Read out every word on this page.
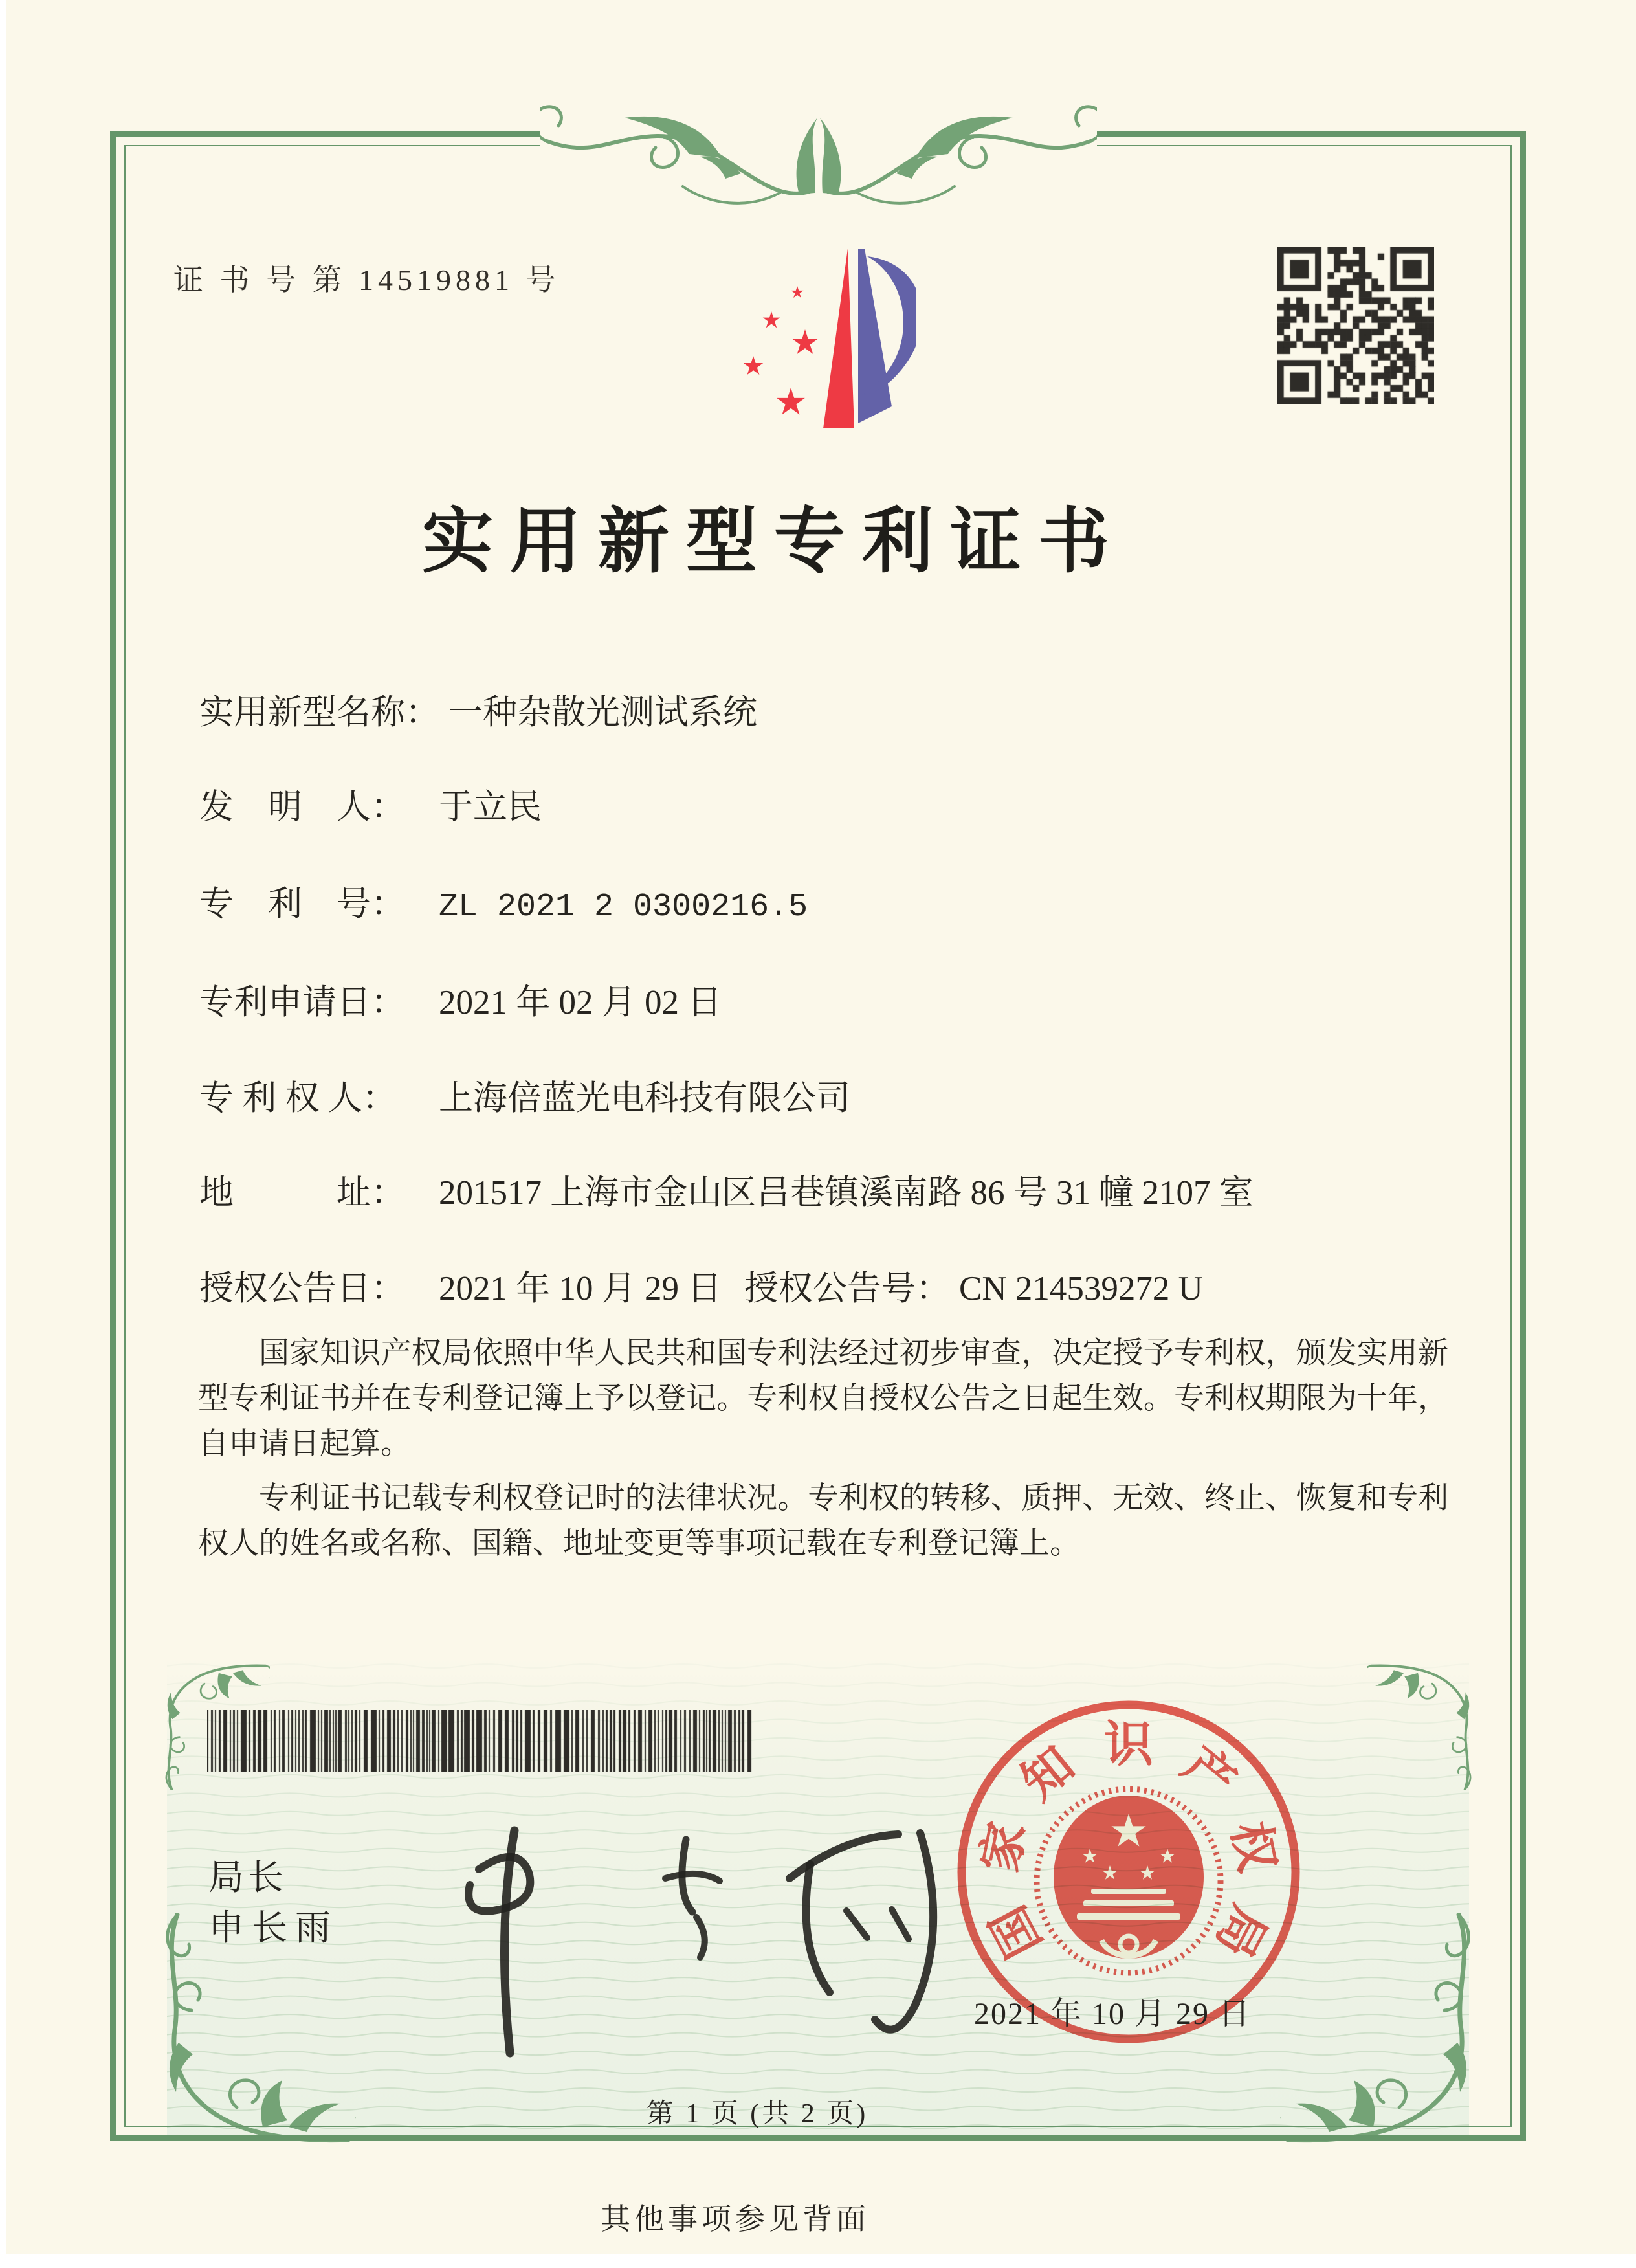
证 书 号 第 14519881 号
实用新型专利证书
实用新型名称： 一种杂散光测试系统
发　明　人： 于立民
专　利　号： ZL 2021 2 0300216.5
专利申请日： 2021 年 02 月 02 日
专 利 权 人： 上海倍蓝光电科技有限公司
地　　　址： 201517 上海市金山区吕巷镇溪南路 86 号 31 幢 2107 室
授权公告日： 2021 年 10 月 29 日 授权公告号： CN 214539272 U

国家知识产权局依照中华人民共和国专利法经过初步审查，决定授予专利权，颁发实用新型专利证书并在专利登记簿上予以登记。专利权自授权公告之日起生效。专利权期限为十年，自申请日起算。

专利证书记载专利权登记时的法律状况。专利权的转移、质押、无效、终止、恢复和专利权人的姓名或名称、国籍、地址变更等事项记载在专利登记簿上。

局长
申长雨	国
家
知 识 产
权
局
2021 年 10 月 29 日
第 1 页 (共 2 页)
其他事项参见背面
